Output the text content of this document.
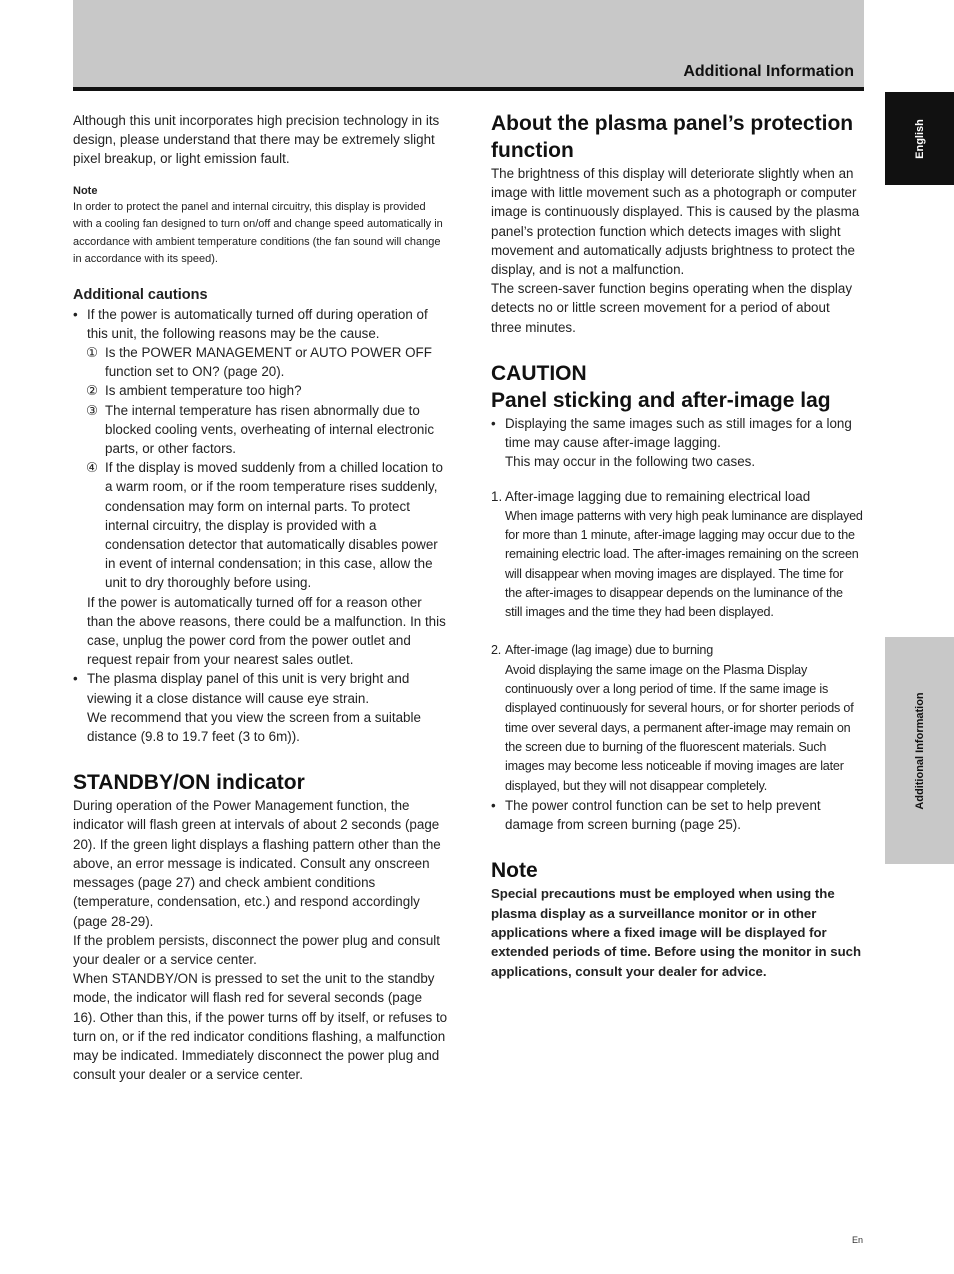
Additional Information
English
Additional Information

Although this unit incorporates high precision technology in its design, please understand that there may be extremely slight pixel breakup, or light emission fault.

Note

In order to protect the panel and internal circuitry, this display is provided with a cooling fan designed to turn on/off and change speed automatically in accordance with ambient temperature conditions (the fan sound will change in accordance with its speed).

Additional cautions

• If the power is automatically turned off during operation of this unit, the following reasons may be the cause.
① Is the POWER MANAGEMENT or AUTO POWER OFF function set to ON? (page 20).
② Is ambient temperature too high?
③ The internal temperature has risen abnormally due to blocked cooling vents, overheating of internal electronic parts, or other factors.
④ If the display is moved suddenly from a chilled location to a warm room, or if the room temperature rises suddenly, condensation may form on internal parts. To protect internal circuitry, the display is provided with a condensation detector that automatically disables power in event of internal condensation; in this case, allow the unit to dry thoroughly before using.

If the power is automatically turned off for a reason other than the above reasons, there could be a malfunction. In this case, unplug the power cord from the power outlet and request repair from your nearest sales outlet.

• The plasma display panel of this unit is very bright and viewing it a close distance will cause eye strain.

We recommend that you view the screen from a suitable distance (9.8 to 19.7 feet (3 to 6m)).

STANDBY/ON indicator

During operation of the Power Management function, the indicator will flash green at intervals of about 2 seconds (page 20). If the green light displays a flashing pattern other than the above, an error message is indicated. Consult any onscreen messages (page 27) and check ambient conditions (temperature, condensation, etc.) and respond accordingly (page 28-29).

If the problem persists, disconnect the power plug and consult your dealer or a service center.

When STANDBY/ON is pressed to set the unit to the standby mode, the indicator will flash red for several seconds (page 16). Other than this, if the power turns off by itself, or refuses to turn on, or if the red indicator conditions flashing, a malfunction may be indicated. Immediately disconnect the power plug and consult your dealer or a service center.

About the plasma panel’s protection function

The brightness of this display will deteriorate slightly when an image with little movement such as a photograph or computer image is continuously displayed. This is caused by the plasma panel’s protection function which detects images with slight movement and automatically adjusts brightness to protect the display, and is not a malfunction.

The screen-saver function begins operating when the display detects no or little screen movement for a period of about three minutes.

CAUTION
Panel sticking and after-image lag
• Displaying the same images such as still images for a long time may cause after-image lagging.

This may occur in the following two cases.

1. After-image lagging due to remaining electrical load
When image patterns with very high peak luminance are displayed for more than 1 minute, after-image lagging may occur due to the remaining electric load. The after-images remaining on the screen will disappear when moving images are displayed. The time for the after-images to disappear depends on the luminance of the still images and the time they had been displayed.
2. After-image (lag image) due to burning
Avoid displaying the same image on the Plasma Display continuously over a long period of time. If the same image is displayed continuously for several hours, or for shorter periods of time over several days, a permanent after-image may remain on the screen due to burning of the fluorescent materials. Such images may become less noticeable if moving images are later displayed, but they will not disappear completely.
• The power control function can be set to help prevent damage from screen burning (page 25).
Note

Special precautions must be employed when using the plasma display as a surveillance monitor or in other applications where a fixed image will be displayed for extended periods of time. Before using the monitor in such applications, consult your dealer for advice.

En
